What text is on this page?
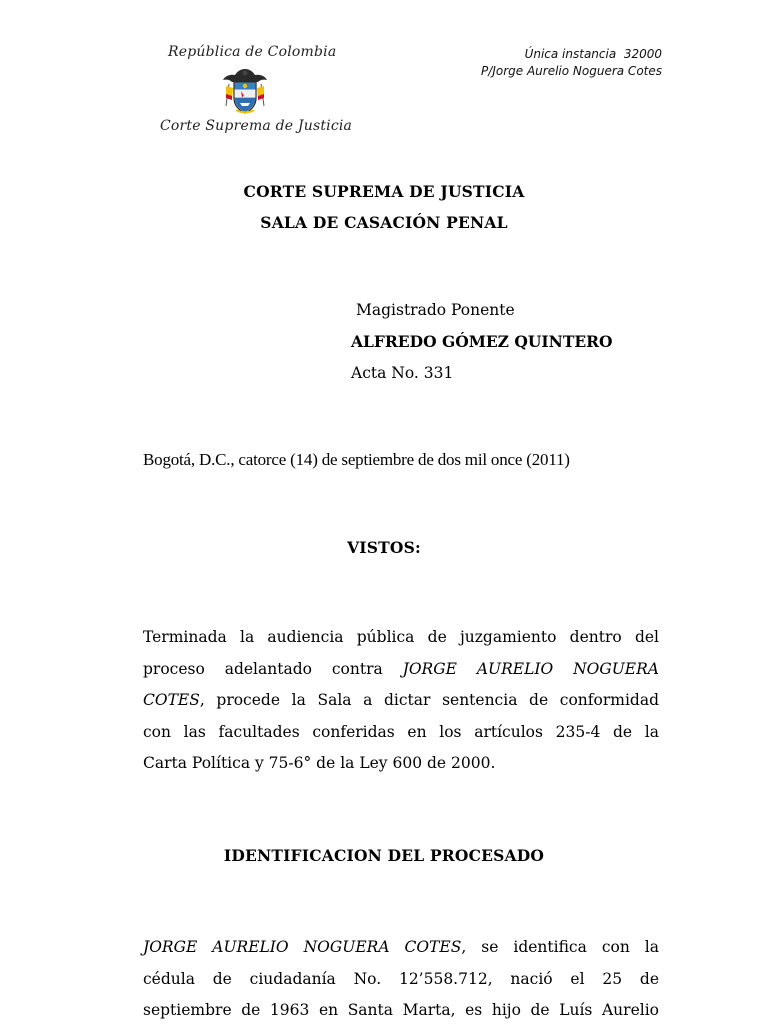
República de Colombia
Corte Suprema de Justicia
Única instancia  32000
P/Jorge Aurelio Noguera Cotes
CORTE SUPREMA DE JUSTICIA
SALA DE CASACIÓN PENAL
Magistrado Ponente
ALFREDO GÓMEZ QUINTERO
Acta No. 331
Bogotá, D.C., catorce (14) de septiembre de dos mil once (2011)
VISTOS:
Terminada la audiencia pública de juzgamiento dentro del
proceso adelantado contra JORGE AURELIO NOGUERA
COTES, procede la Sala a dictar sentencia de conformidad
con las facultades conferidas en los artículos 235-4 de la
Carta Política y 75-6° de la Ley 600 de 2000.
IDENTIFICACION DEL PROCESADO
JORGE AURELIO NOGUERA COTES, se identifica con la
cédula de ciudadanía No. 12’558.712, nació el 25 de
septiembre de 1963 en Santa Marta, es hijo de Luís Aurelio
